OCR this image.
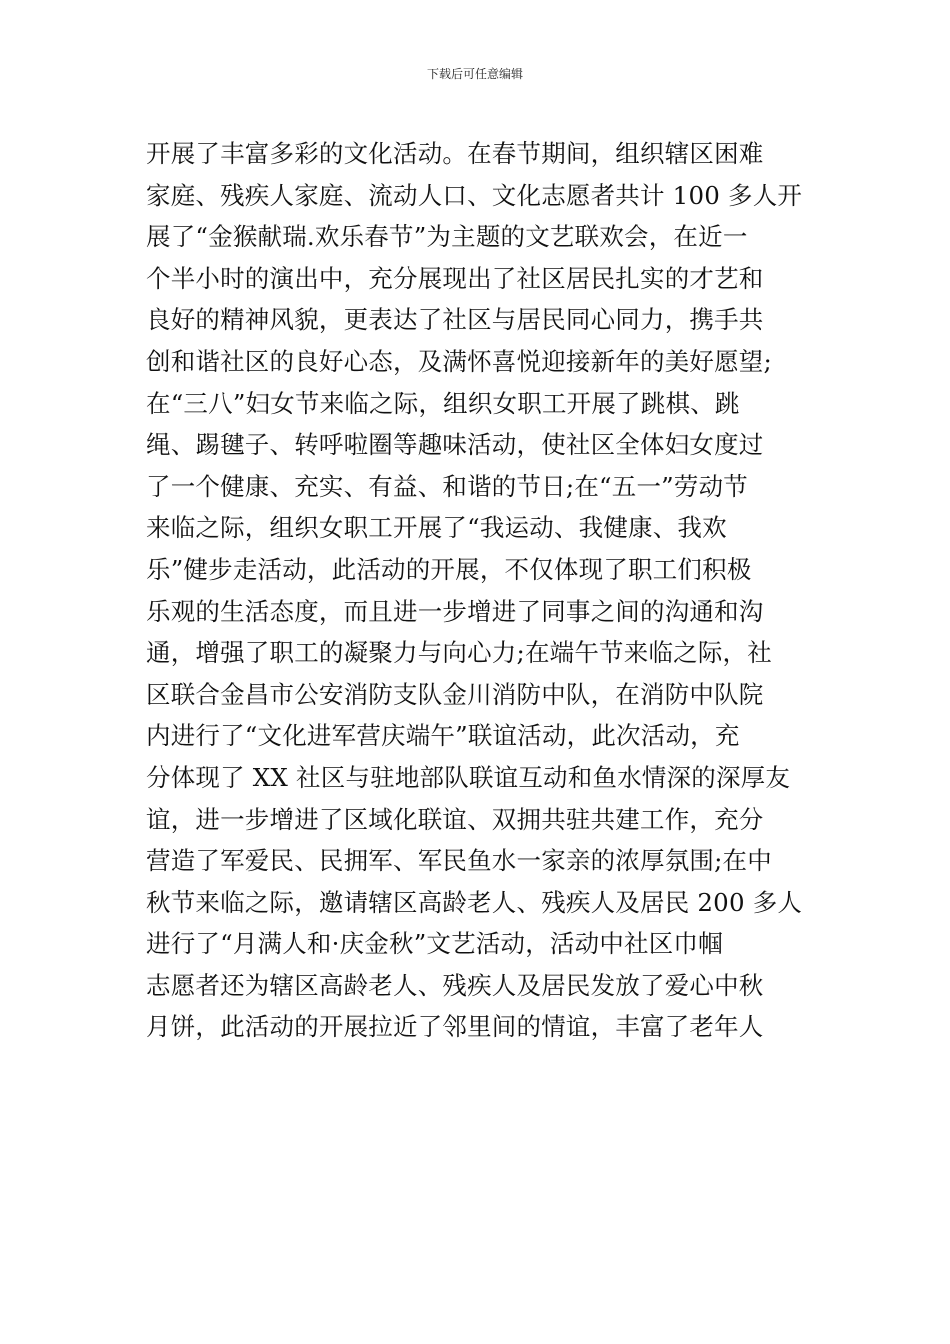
下载后可任意编辑
开展了丰富多彩的文化活动。在春节期间，组织辖区困难
家庭、残疾人家庭、流动人口、文化志愿者共计 100 多人开
展了“金猴献瑞.欢乐春节”为主题的文艺联欢会，在近一
个半小时的演出中，充分展现出了社区居民扎实的才艺和
良好的精神风貌，更表达了社区与居民同心同力，携手共
创和谐社区的良好心态，及满怀喜悦迎接新年的美好愿望;
在“三八”妇女节来临之际，组织女职工开展了跳棋、跳
绳、踢毽子、转呼啦圈等趣味活动，使社区全体妇女度过
了一个健康、充实、有益、和谐的节日;在“五一”劳动节
来临之际，组织女职工开展了“我运动、我健康、我欢
乐”健步走活动，此活动的开展，不仅体现了职工们积极
乐观的生活态度，而且进一步增进了同事之间的沟通和沟
通，增强了职工的凝聚力与向心力;在端午节来临之际，社
区联合金昌市公安消防支队金川消防中队，在消防中队院
内进行了“文化进军营庆端午”联谊活动，此次活动，充
分体现了 XX 社区与驻地部队联谊互动和鱼水情深的深厚友
谊，进一步增进了区域化联谊、双拥共驻共建工作，充分
营造了军爱民、民拥军、军民鱼水一家亲的浓厚氛围;在中
秋节来临之际，邀请辖区高龄老人、残疾人及居民 200 多人
进行了“月满人和·庆金秋”文艺活动，活动中社区巾帼
志愿者还为辖区高龄老人、残疾人及居民发放了爱心中秋
月饼，此活动的开展拉近了邻里间的情谊，丰富了老年人
